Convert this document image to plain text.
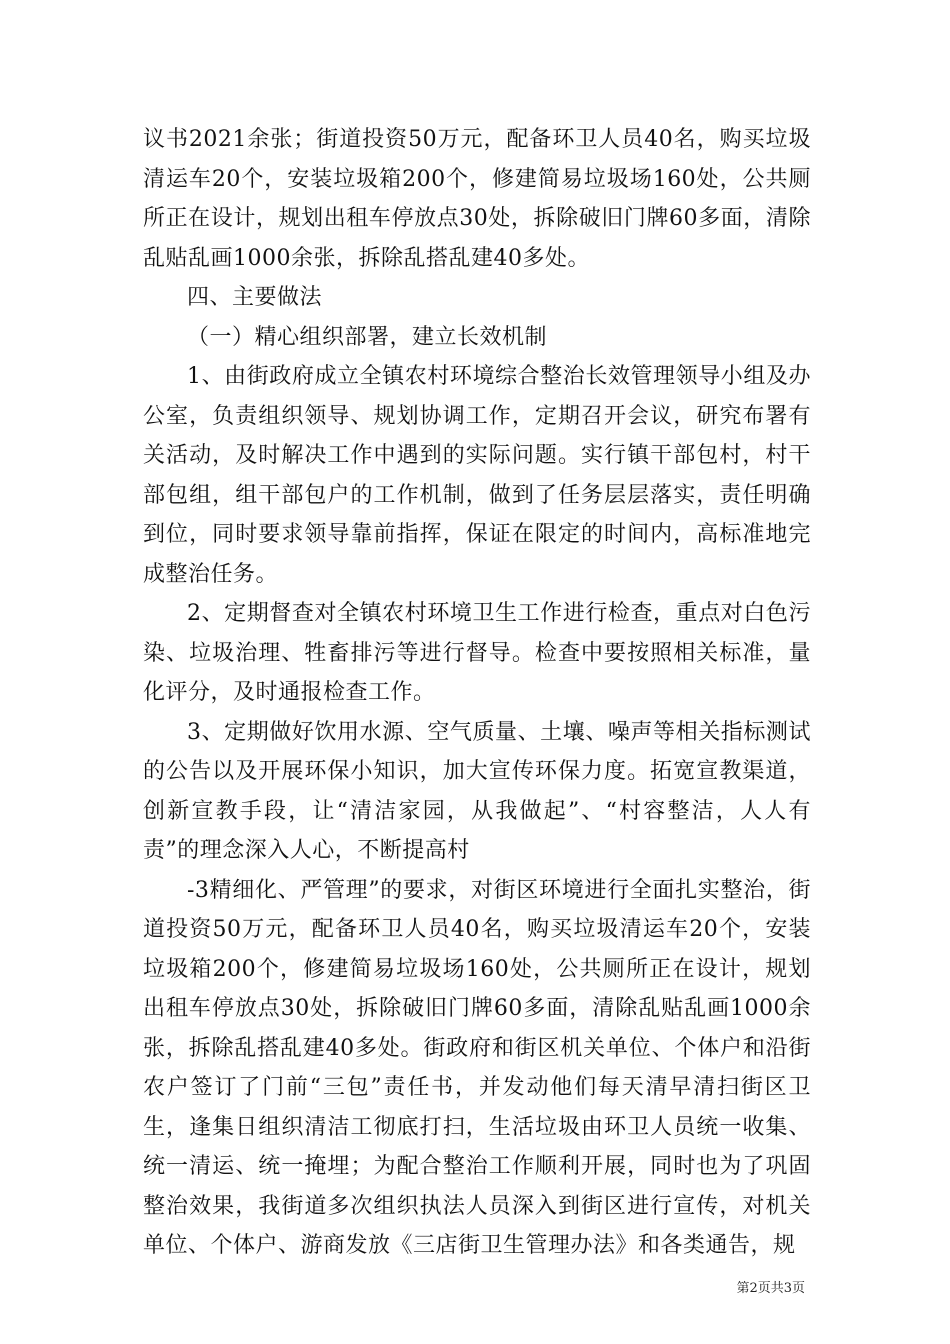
议书2021余张；街道投资50万元，配备环卫人员40名，购买垃圾清运车20个，安装垃圾箱200个，修建简易垃圾场160处，公共厕所正在设计，规划出租车停放点30处，拆除破旧门牌60多面，清除乱贴乱画1000余张，拆除乱搭乱建40多处。

四、主要做法

（一）精心组织部署，建立长效机制

1、由街政府成立全镇农村环境综合整治长效管理领导小组及办公室，负责组织领导、规划协调工作，定期召开会议，研究布署有关活动，及时解决工作中遇到的实际问题。实行镇干部包村，村干部包组，组干部包户的工作机制，做到了任务层层落实，责任明确到位，同时要求领导靠前指挥，保证在限定的时间内，高标准地完成整治任务。

2、定期督查对全镇农村环境卫生工作进行检查，重点对白色污染、垃圾治理、牲畜排污等进行督导。检查中要按照相关标准，量化评分，及时通报检查工作。

3、定期做好饮用水源、空气质量、土壤、噪声等相关指标测试的公告以及开展环保小知识，加大宣传环保力度。拓宽宣教渠道，创新宣教手段，让“清洁家园，从我做起”、“村容整洁，人人有责”的理念深入人心，不断提高村

-3精细化、严管理”的要求，对街区环境进行全面扎实整治，街道投资50万元，配备环卫人员40名，购买垃圾清运车20个，安装垃圾箱200个，修建简易垃圾场160处，公共厕所正在设计，规划出租车停放点30处，拆除破旧门牌60多面，清除乱贴乱画1000余张，拆除乱搭乱建40多处。街政府和街区机关单位、个体户和沿街农户签订了门前“三包”责任书，并发动他们每天清早清扫街区卫生，逢集日组织清洁工彻底打扫，生活垃圾由环卫人员统一收集、统一清运、统一掩埋；为配合整治工作顺利开展，同时也为了巩固整治效果，我街道多次组织执法人员深入到街区进行宣传，对机关单位、个体户、游商发放《三店街卫生管理办法》和各类通告，规

第2页共3页
